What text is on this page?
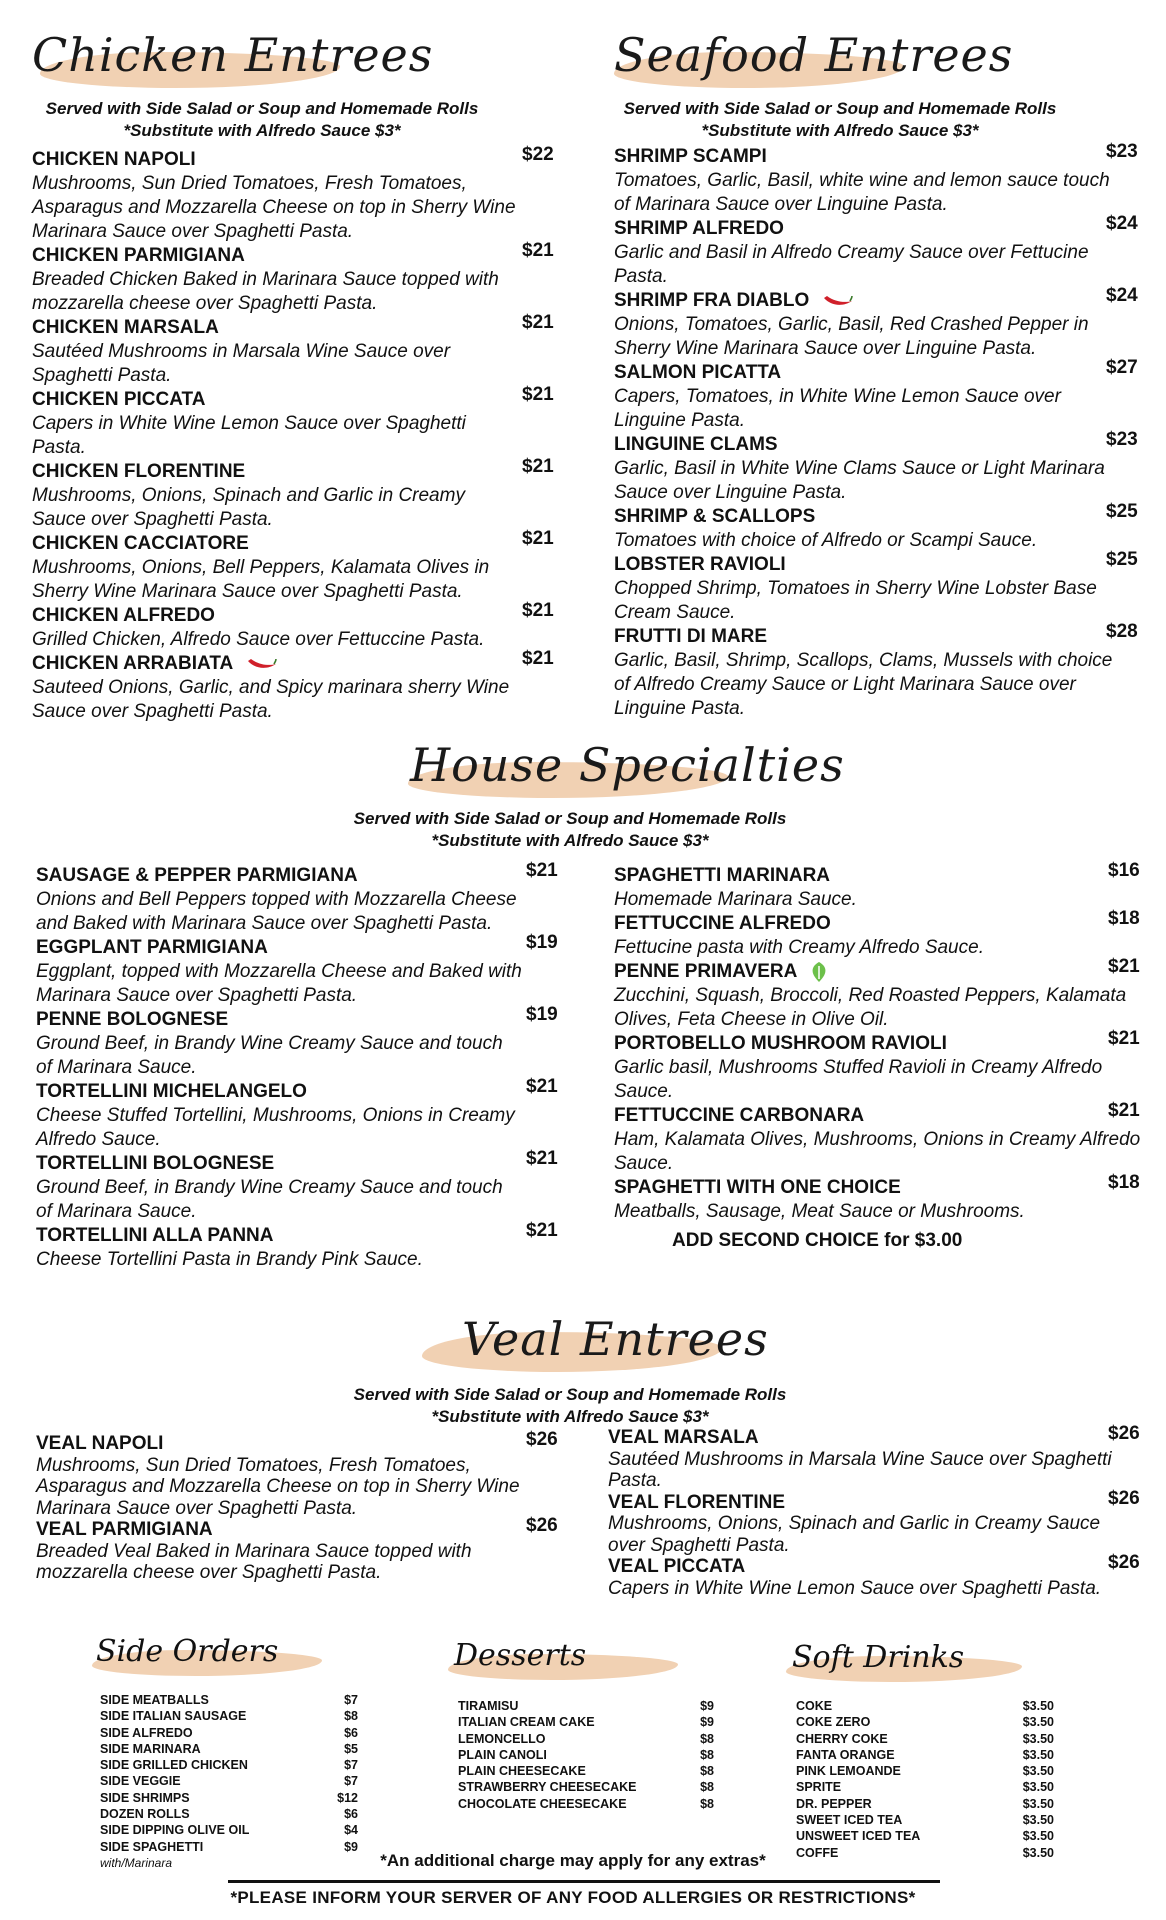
Chicken Entrees
Served with Side Salad or Soup and Homemade Rolls
*Substitute with Alfredo Sauce $3*
CHICKEN NAPOLI	$22
Mushrooms, Sun Dried Tomatoes, Fresh Tomatoes, Asparagus and Mozzarella Cheese on top in Sherry Wine Marinara Sauce over Spaghetti Pasta.
CHICKEN PARMIGIANA	$21
Breaded Chicken Baked in Marinara Sauce topped with mozzarella cheese over Spaghetti Pasta.
CHICKEN MARSALA	$21
Sautéed Mushrooms in Marsala Wine Sauce over Spaghetti Pasta.
CHICKEN PICCATA	$21
Capers in White Wine Lemon Sauce over Spaghetti Pasta.
CHICKEN FLORENTINE	$21
Mushrooms, Onions, Spinach and Garlic in Creamy Sauce over Spaghetti Pasta.
CHICKEN CACCIATORE	$21
Mushrooms, Onions, Bell Peppers, Kalamata Olives in Sherry Wine Marinara Sauce over Spaghetti Pasta.
CHICKEN ALFREDO	$21
Grilled Chicken, Alfredo Sauce over Fettuccine Pasta.
CHICKEN ARRABIATA	$21
Sauteed Onions, Garlic, and Spicy marinara sherry Wine Sauce over Spaghetti Pasta.
Seafood Entrees
Served with Side Salad or Soup and Homemade Rolls
*Substitute with Alfredo Sauce $3*
SHRIMP SCAMPI	$23
Tomatoes, Garlic, Basil, white wine and lemon sauce touch of Marinara Sauce over Linguine Pasta.
SHRIMP ALFREDO	$24
Garlic and Basil in Alfredo Creamy Sauce over Fettucine Pasta.
SHRIMP FRA DIABLO	$24
Onions, Tomatoes, Garlic, Basil, Red Crashed Pepper in Sherry Wine Marinara Sauce over Linguine Pasta.
SALMON PICATTA	$27
Capers, Tomatoes, in White Wine Lemon Sauce over Linguine Pasta.
LINGUINE CLAMS	$23
Garlic, Basil in White Wine Clams Sauce or Light Marinara Sauce over Linguine Pasta.
SHRIMP & SCALLOPS	$25
Tomatoes with choice of Alfredo or Scampi Sauce.
LOBSTER RAVIOLI	$25
Chopped Shrimp, Tomatoes in Sherry Wine Lobster Base Cream Sauce.
FRUTTI DI MARE	$28
Garlic, Basil, Shrimp, Scallops, Clams, Mussels with choice of Alfredo Creamy Sauce or Light Marinara Sauce over Linguine Pasta.
House Specialties
Served with Side Salad or Soup and Homemade Rolls
*Substitute with Alfredo Sauce $3*
SAUSAGE & PEPPER PARMIGIANA	$21
Onions and Bell Peppers topped with Mozzarella Cheese and Baked with Marinara Sauce over Spaghetti Pasta.
EGGPLANT PARMIGIANA	$19
Eggplant, topped with Mozzarella Cheese and Baked with Marinara Sauce over Spaghetti Pasta.
PENNE BOLOGNESE	$19
Ground Beef, in Brandy Wine Creamy Sauce and touch of Marinara Sauce.
TORTELLINI MICHELANGELO	$21
Cheese Stuffed Tortellini, Mushrooms, Onions in Creamy Alfredo Sauce.
TORTELLINI BOLOGNESE	$21
Ground Beef, in Brandy Wine Creamy Sauce and touch of Marinara Sauce.
TORTELLINI ALLA PANNA	$21
Cheese Tortellini Pasta in Brandy Pink Sauce.
SPAGHETTI MARINARA	$16
Homemade Marinara Sauce.
FETTUCCINE ALFREDO	$18
Fettucine pasta with Creamy Alfredo Sauce.
PENNE PRIMAVERA	$21
Zucchini, Squash, Broccoli, Red Roasted Peppers, Kalamata Olives, Feta Cheese in Olive Oil.
PORTOBELLO MUSHROOM RAVIOLI	$21
Garlic basil, Mushrooms Stuffed Ravioli in Creamy Alfredo Sauce.
FETTUCCINE CARBONARA	$21
Ham, Kalamata Olives, Mushrooms, Onions in Creamy Alfredo Sauce.
SPAGHETTI WITH ONE CHOICE	$18
Meatballs, Sausage, Meat Sauce or Mushrooms.
ADD SECOND CHOICE for $3.00
Veal Entrees
Served with Side Salad or Soup and Homemade Rolls
*Substitute with Alfredo Sauce $3*
VEAL NAPOLI	$26
Mushrooms, Sun Dried Tomatoes, Fresh Tomatoes, Asparagus and Mozzarella Cheese on top in Sherry Wine Marinara Sauce over Spaghetti Pasta.
VEAL PARMIGIANA	$26
Breaded Veal Baked in Marinara Sauce topped with mozzarella cheese over Spaghetti Pasta.
VEAL MARSALA	$26
Sautéed Mushrooms in Marsala Wine Sauce over Spaghetti Pasta.
VEAL FLORENTINE	$26
Mushrooms, Onions, Spinach and Garlic in Creamy Sauce over Spaghetti Pasta.
VEAL PICCATA	$26
Capers in White Wine Lemon Sauce over Spaghetti Pasta.
Side Orders
SIDE MEATBALLS	$7
SIDE ITALIAN SAUSAGE	$8
SIDE ALFREDO	$6
SIDE MARINARA	$5
SIDE GRILLED CHICKEN	$7
SIDE VEGGIE	$7
SIDE SHRIMPS	$12
DOZEN ROLLS	$6
SIDE DIPPING OLIVE OIL	$4
SIDE SPAGHETTI	$9
with/Marinara
Desserts
TIRAMISU	$9
ITALIAN CREAM CAKE	$9
LEMONCELLO	$8
PLAIN CANOLI	$8
PLAIN CHEESECAKE	$8
STRAWBERRY CHEESECAKE	$8
CHOCOLATE CHEESECAKE	$8
Soft Drinks
COKE	$3.50
COKE ZERO	$3.50
CHERRY COKE	$3.50
FANTA ORANGE	$3.50
PINK LEMOANDE	$3.50
SPRITE	$3.50
DR. PEPPER	$3.50
SWEET ICED TEA	$3.50
UNSWEET ICED TEA	$3.50
COFFE	$3.50
*An additional charge may apply for any extras*
*PLEASE INFORM YOUR SERVER OF ANY FOOD ALLERGIES OR RESTRICTIONS*
